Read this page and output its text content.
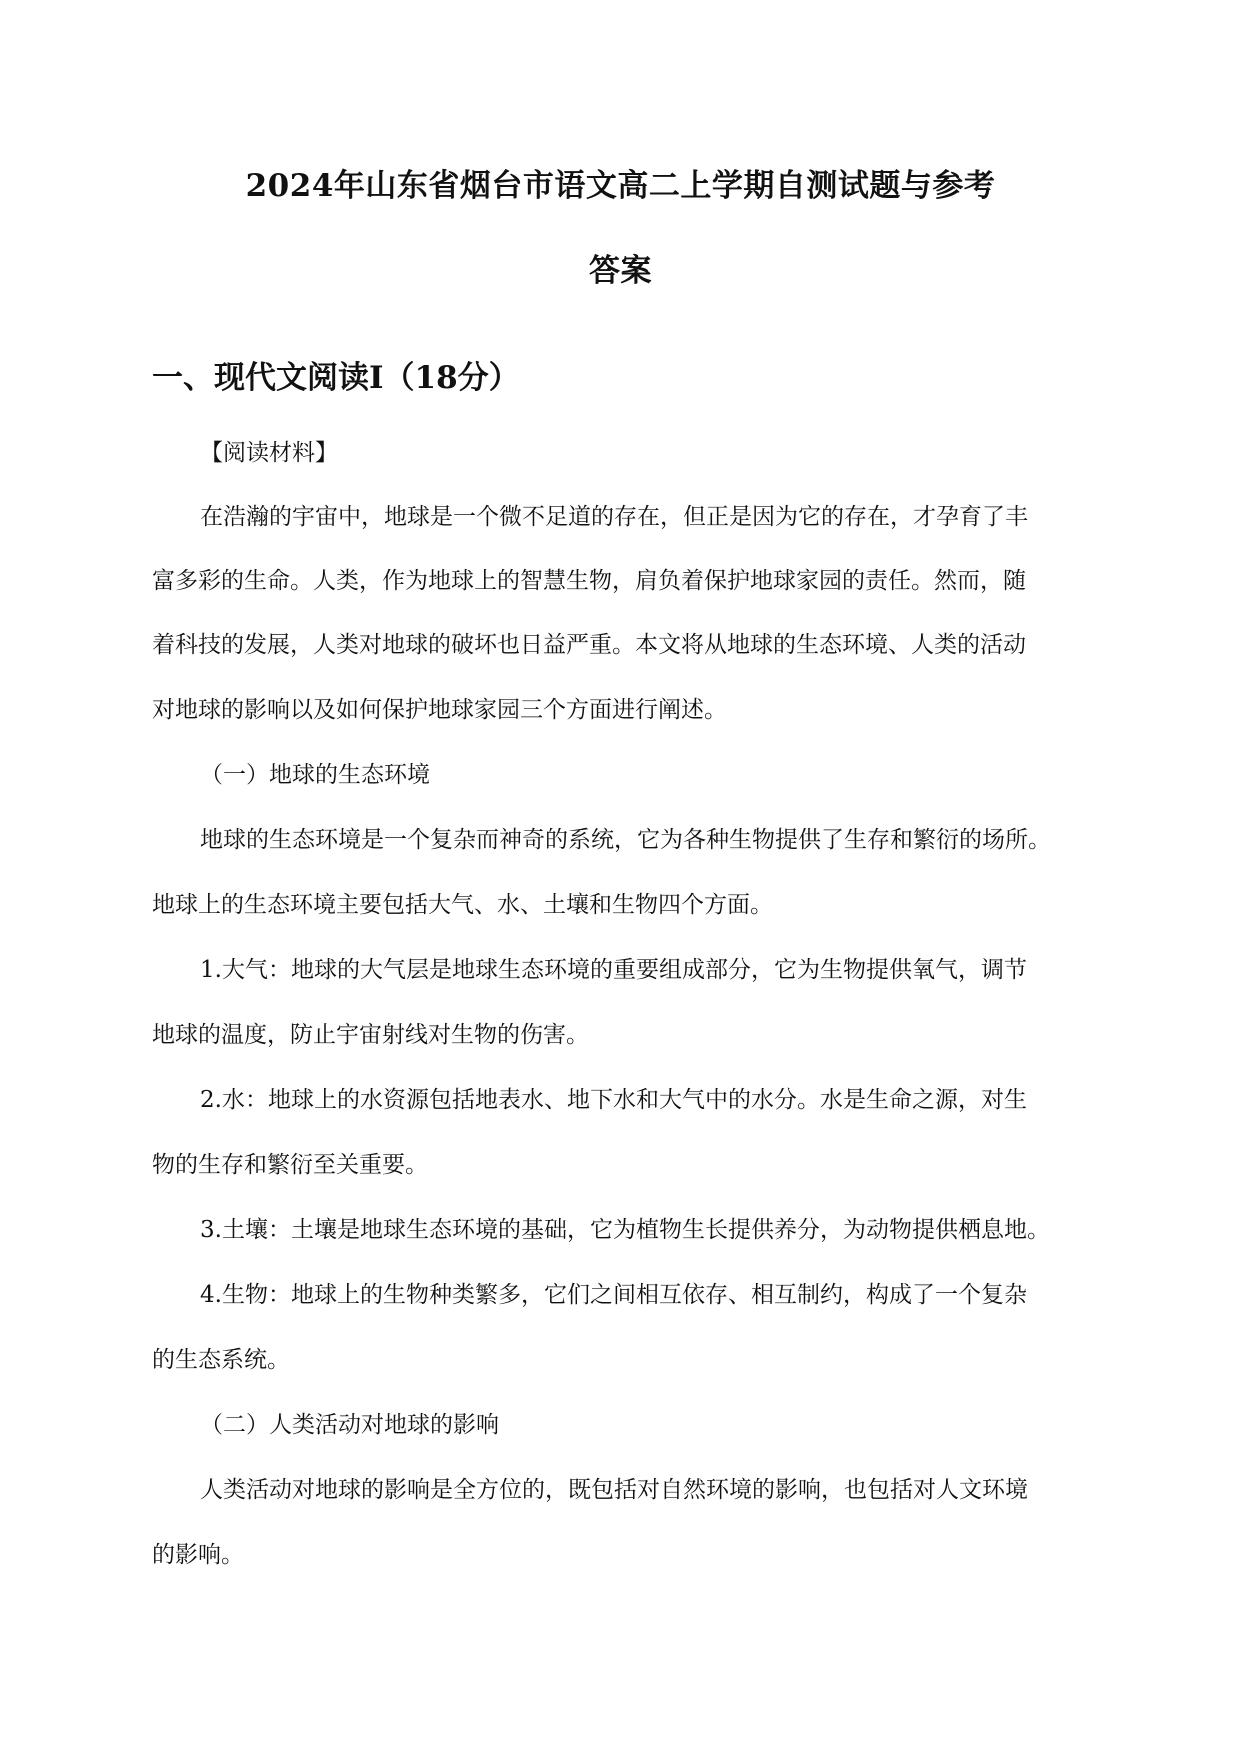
2024年山东省烟台市语文高二上学期自测试题与参考
答案
一、现代文阅读Ⅰ（18分）
【阅读材料】
在浩瀚的宇宙中，地球是一个微不足道的存在，但正是因为它的存在，才孕育了丰
富多彩的生命。人类，作为地球上的智慧生物，肩负着保护地球家园的责任。然而，随
着科技的发展，人类对地球的破坏也日益严重。本文将从地球的生态环境、人类的活动
对地球的影响以及如何保护地球家园三个方面进行阐述。
（一）地球的生态环境
地球的生态环境是一个复杂而神奇的系统，它为各种生物提供了生存和繁衍的场所。
地球上的生态环境主要包括大气、水、土壤和生物四个方面。
1.大气：地球的大气层是地球生态环境的重要组成部分，它为生物提供氧气，调节
地球的温度，防止宇宙射线对生物的伤害。
2.水：地球上的水资源包括地表水、地下水和大气中的水分。水是生命之源，对生
物的生存和繁衍至关重要。
3.土壤：土壤是地球生态环境的基础，它为植物生长提供养分，为动物提供栖息地。
4.生物：地球上的生物种类繁多，它们之间相互依存、相互制约，构成了一个复杂
的生态系统。
（二）人类活动对地球的影响
人类活动对地球的影响是全方位的，既包括对自然环境的影响，也包括对人文环境
的影响。
